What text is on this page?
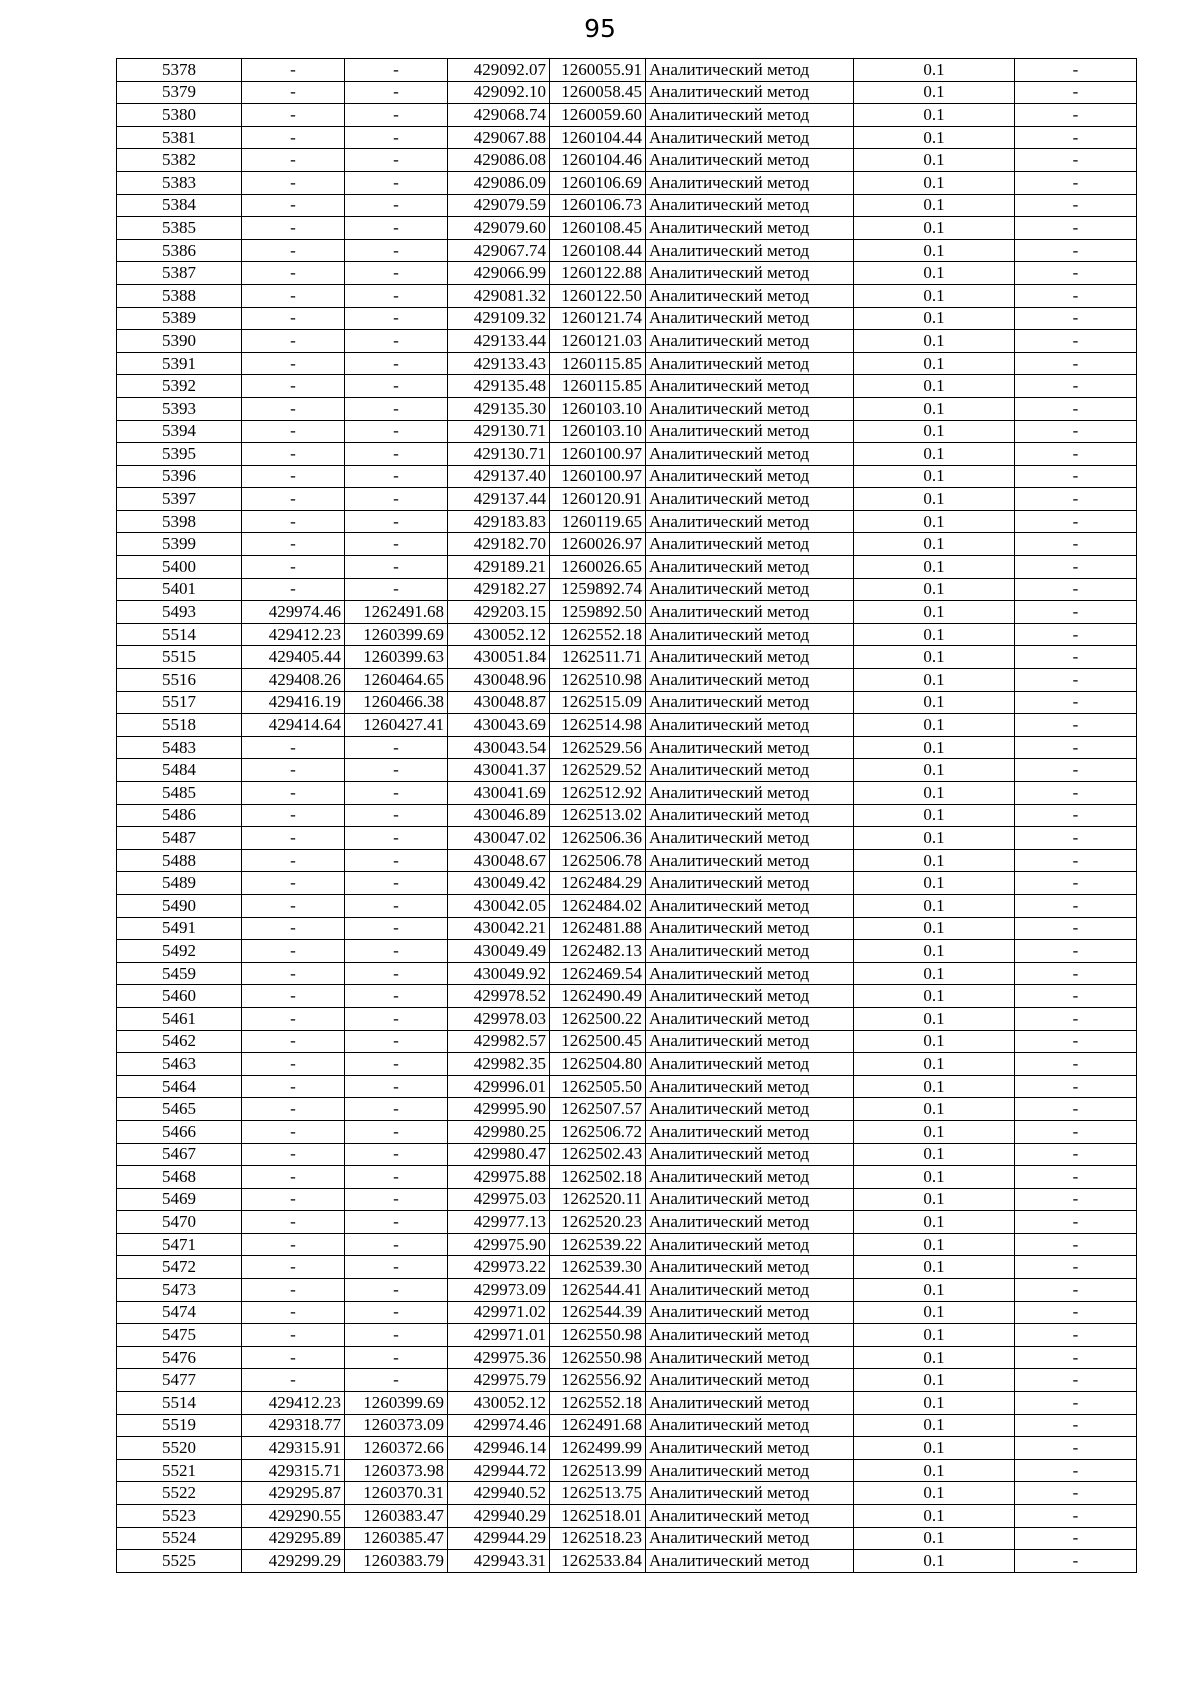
95
5378	-	-	429092.07	1260055.91	Аналитический метод	0.1	-
5379	-	-	429092.10	1260058.45	Аналитический метод	0.1	-
5380	-	-	429068.74	1260059.60	Аналитический метод	0.1	-
5381	-	-	429067.88	1260104.44	Аналитический метод	0.1	-
5382	-	-	429086.08	1260104.46	Аналитический метод	0.1	-
5383	-	-	429086.09	1260106.69	Аналитический метод	0.1	-
5384	-	-	429079.59	1260106.73	Аналитический метод	0.1	-
5385	-	-	429079.60	1260108.45	Аналитический метод	0.1	-
5386	-	-	429067.74	1260108.44	Аналитический метод	0.1	-
5387	-	-	429066.99	1260122.88	Аналитический метод	0.1	-
5388	-	-	429081.32	1260122.50	Аналитический метод	0.1	-
5389	-	-	429109.32	1260121.74	Аналитический метод	0.1	-
5390	-	-	429133.44	1260121.03	Аналитический метод	0.1	-
5391	-	-	429133.43	1260115.85	Аналитический метод	0.1	-
5392	-	-	429135.48	1260115.85	Аналитический метод	0.1	-
5393	-	-	429135.30	1260103.10	Аналитический метод	0.1	-
5394	-	-	429130.71	1260103.10	Аналитический метод	0.1	-
5395	-	-	429130.71	1260100.97	Аналитический метод	0.1	-
5396	-	-	429137.40	1260100.97	Аналитический метод	0.1	-
5397	-	-	429137.44	1260120.91	Аналитический метод	0.1	-
5398	-	-	429183.83	1260119.65	Аналитический метод	0.1	-
5399	-	-	429182.70	1260026.97	Аналитический метод	0.1	-
5400	-	-	429189.21	1260026.65	Аналитический метод	0.1	-
5401	-	-	429182.27	1259892.74	Аналитический метод	0.1	-
5493	429974.46	1262491.68	429203.15	1259892.50	Аналитический метод	0.1	-
5514	429412.23	1260399.69	430052.12	1262552.18	Аналитический метод	0.1	-
5515	429405.44	1260399.63	430051.84	1262511.71	Аналитический метод	0.1	-
5516	429408.26	1260464.65	430048.96	1262510.98	Аналитический метод	0.1	-
5517	429416.19	1260466.38	430048.87	1262515.09	Аналитический метод	0.1	-
5518	429414.64	1260427.41	430043.69	1262514.98	Аналитический метод	0.1	-
5483	-	-	430043.54	1262529.56	Аналитический метод	0.1	-
5484	-	-	430041.37	1262529.52	Аналитический метод	0.1	-
5485	-	-	430041.69	1262512.92	Аналитический метод	0.1	-
5486	-	-	430046.89	1262513.02	Аналитический метод	0.1	-
5487	-	-	430047.02	1262506.36	Аналитический метод	0.1	-
5488	-	-	430048.67	1262506.78	Аналитический метод	0.1	-
5489	-	-	430049.42	1262484.29	Аналитический метод	0.1	-
5490	-	-	430042.05	1262484.02	Аналитический метод	0.1	-
5491	-	-	430042.21	1262481.88	Аналитический метод	0.1	-
5492	-	-	430049.49	1262482.13	Аналитический метод	0.1	-
5459	-	-	430049.92	1262469.54	Аналитический метод	0.1	-
5460	-	-	429978.52	1262490.49	Аналитический метод	0.1	-
5461	-	-	429978.03	1262500.22	Аналитический метод	0.1	-
5462	-	-	429982.57	1262500.45	Аналитический метод	0.1	-
5463	-	-	429982.35	1262504.80	Аналитический метод	0.1	-
5464	-	-	429996.01	1262505.50	Аналитический метод	0.1	-
5465	-	-	429995.90	1262507.57	Аналитический метод	0.1	-
5466	-	-	429980.25	1262506.72	Аналитический метод	0.1	-
5467	-	-	429980.47	1262502.43	Аналитический метод	0.1	-
5468	-	-	429975.88	1262502.18	Аналитический метод	0.1	-
5469	-	-	429975.03	1262520.11	Аналитический метод	0.1	-
5470	-	-	429977.13	1262520.23	Аналитический метод	0.1	-
5471	-	-	429975.90	1262539.22	Аналитический метод	0.1	-
5472	-	-	429973.22	1262539.30	Аналитический метод	0.1	-
5473	-	-	429973.09	1262544.41	Аналитический метод	0.1	-
5474	-	-	429971.02	1262544.39	Аналитический метод	0.1	-
5475	-	-	429971.01	1262550.98	Аналитический метод	0.1	-
5476	-	-	429975.36	1262550.98	Аналитический метод	0.1	-
5477	-	-	429975.79	1262556.92	Аналитический метод	0.1	-
5514	429412.23	1260399.69	430052.12	1262552.18	Аналитический метод	0.1	-
5519	429318.77	1260373.09	429974.46	1262491.68	Аналитический метод	0.1	-
5520	429315.91	1260372.66	429946.14	1262499.99	Аналитический метод	0.1	-
5521	429315.71	1260373.98	429944.72	1262513.99	Аналитический метод	0.1	-
5522	429295.87	1260370.31	429940.52	1262513.75	Аналитический метод	0.1	-
5523	429290.55	1260383.47	429940.29	1262518.01	Аналитический метод	0.1	-
5524	429295.89	1260385.47	429944.29	1262518.23	Аналитический метод	0.1	-
5525	429299.29	1260383.79	429943.31	1262533.84	Аналитический метод	0.1	-
